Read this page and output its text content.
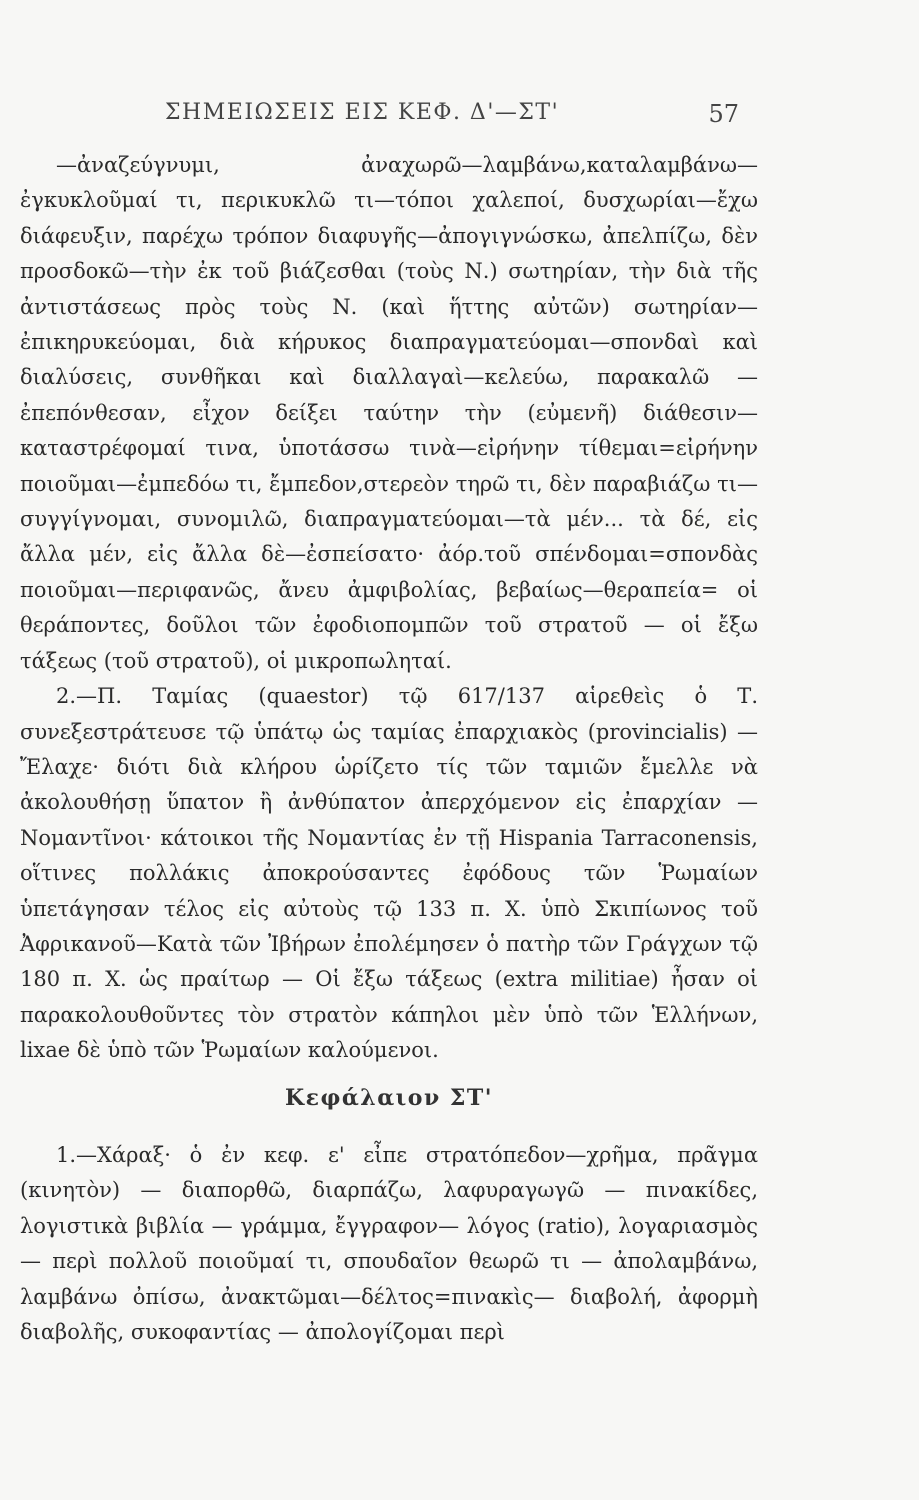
ΣΗΜΕΙΩΣΕΙΣ ΕΙΣ ΚΕΦ. Δ'—ΣΤ'	57

—ἀναζεύγνυμι, ἀναχωρῶ—λαμβάνω,καταλαμβάνω—ἐγκυκλοῦμαί τι, περικυκλῶ τι—τόποι χαλεποί, δυσχωρίαι—ἔχω διάφευξιν, παρέχω τρόπον διαφυγῆς—ἀπογιγνώσκω, ἀπελπίζω, δὲν προσδοκῶ—τὴν ἐκ τοῦ βιάζεσθαι (τοὺς Ν.) σωτηρίαν, τὴν διὰ τῆς ἀντιστάσεως πρὸς τοὺς Ν. (καὶ ἥττης αὐτῶν) σωτηρίαν—ἐπικηρυκεύομαι, διὰ κήρυκος διαπραγματεύομαι—σπονδαὶ καὶ διαλύσεις, συνθῆκαι καὶ διαλλαγαὶ—κελεύω, παρακαλῶ —ἐπεπόνθεσαν, εἶχον δείξει ταύτην τὴν (εὐμενῆ) διάθεσιν—καταστρέφομαί τινα, ὑποτάσσω τινὰ—εἰρήνην τίθεμαι=εἰρήνην ποιοῦμαι—ἐμπεδόω τι, ἔμπεδον,στερεὸν τηρῶ τι, δὲν παραβιάζω τι—συγγίγνομαι, συνομιλῶ, διαπραγματεύομαι—τὰ μέν... τὰ δέ, εἰς ἄλλα μέν, εἰς ἄλλα δὲ—ἐσπείσατο· ἀόρ.τοῦ σπένδομαι=σπονδὰς ποιοῦμαι—περιφανῶς, ἄνευ ἀμφιβολίας, βεβαίως—θεραπεία= οἱ θεράποντες, δοῦλοι τῶν ἐφοδιοπομπῶν τοῦ στρατοῦ — οἱ ἔξω τάξεως (τοῦ στρατοῦ), οἱ μικροπωληταί.

2.—Π. Ταμίας (quaestor) τῷ 617/137 αἱρεθεὶς ὁ Τ. συνεξεστράτευσε τῷ ὑπάτῳ ὡς ταμίας ἐπαρχιακὸς (provincialis) — Ἔλαχε· διότι διὰ κλήρου ὡρίζετο τίς τῶν ταμιῶν ἔμελλε νὰ ἀκολουθήσῃ ὕπατον ἢ ἀνθύπατον ἀπερχόμενον εἰς ἐπαρχίαν — Νομαντῖνοι· κάτοικοι τῆς Νομαντίας ἐν τῇ Hispania Tarraconensis, οἵτινες πολλάκις ἀποκρούσαντες ἐφόδους τῶν Ῥωμαίων ὑπετάγησαν τέλος εἰς αὐτοὺς τῷ 133 π. Χ. ὑπὸ Σκιπίωνος τοῦ Ἀφρικανοῦ—Κατὰ τῶν Ἰβήρων ἐπολέμησεν ὁ πατὴρ τῶν Γράγχων τῷ 180 π. Χ. ὡς πραίτωρ — Οἱ ἔξω τάξεως (extra militiae) ἦσαν οἱ παρακολουθοῦντες τὸν στρατὸν κάπηλοι μὲν ὑπὸ τῶν Ἑλλήνων, lixae δὲ ὑπὸ τῶν Ῥωμαίων καλούμενοι.

Κεφάλαιον ΣΤ'

1.—Χάραξ· ὁ ἐν κεφ. ε' εἶπε στρατόπεδον—χρῆμα, πρᾶγμα (κινητὸν) — διαπορθῶ, διαρπάζω, λαφυραγωγῶ — πινακίδες, λογιστικὰ βιβλία — γράμμα, ἔγγραφον— λόγος (ratio), λογαριασμὸς — περὶ πολλοῦ ποιοῦμαί τι, σπουδαῖον θεωρῶ τι — ἀπολαμβάνω, λαμβάνω ὀπίσω, ἀνακτῶμαι—δέλτος=πινακὶς— διαβολή, ἀφορμὴ διαβολῆς, συκοφαντίας — ἀπολογίζομαι περὶ
